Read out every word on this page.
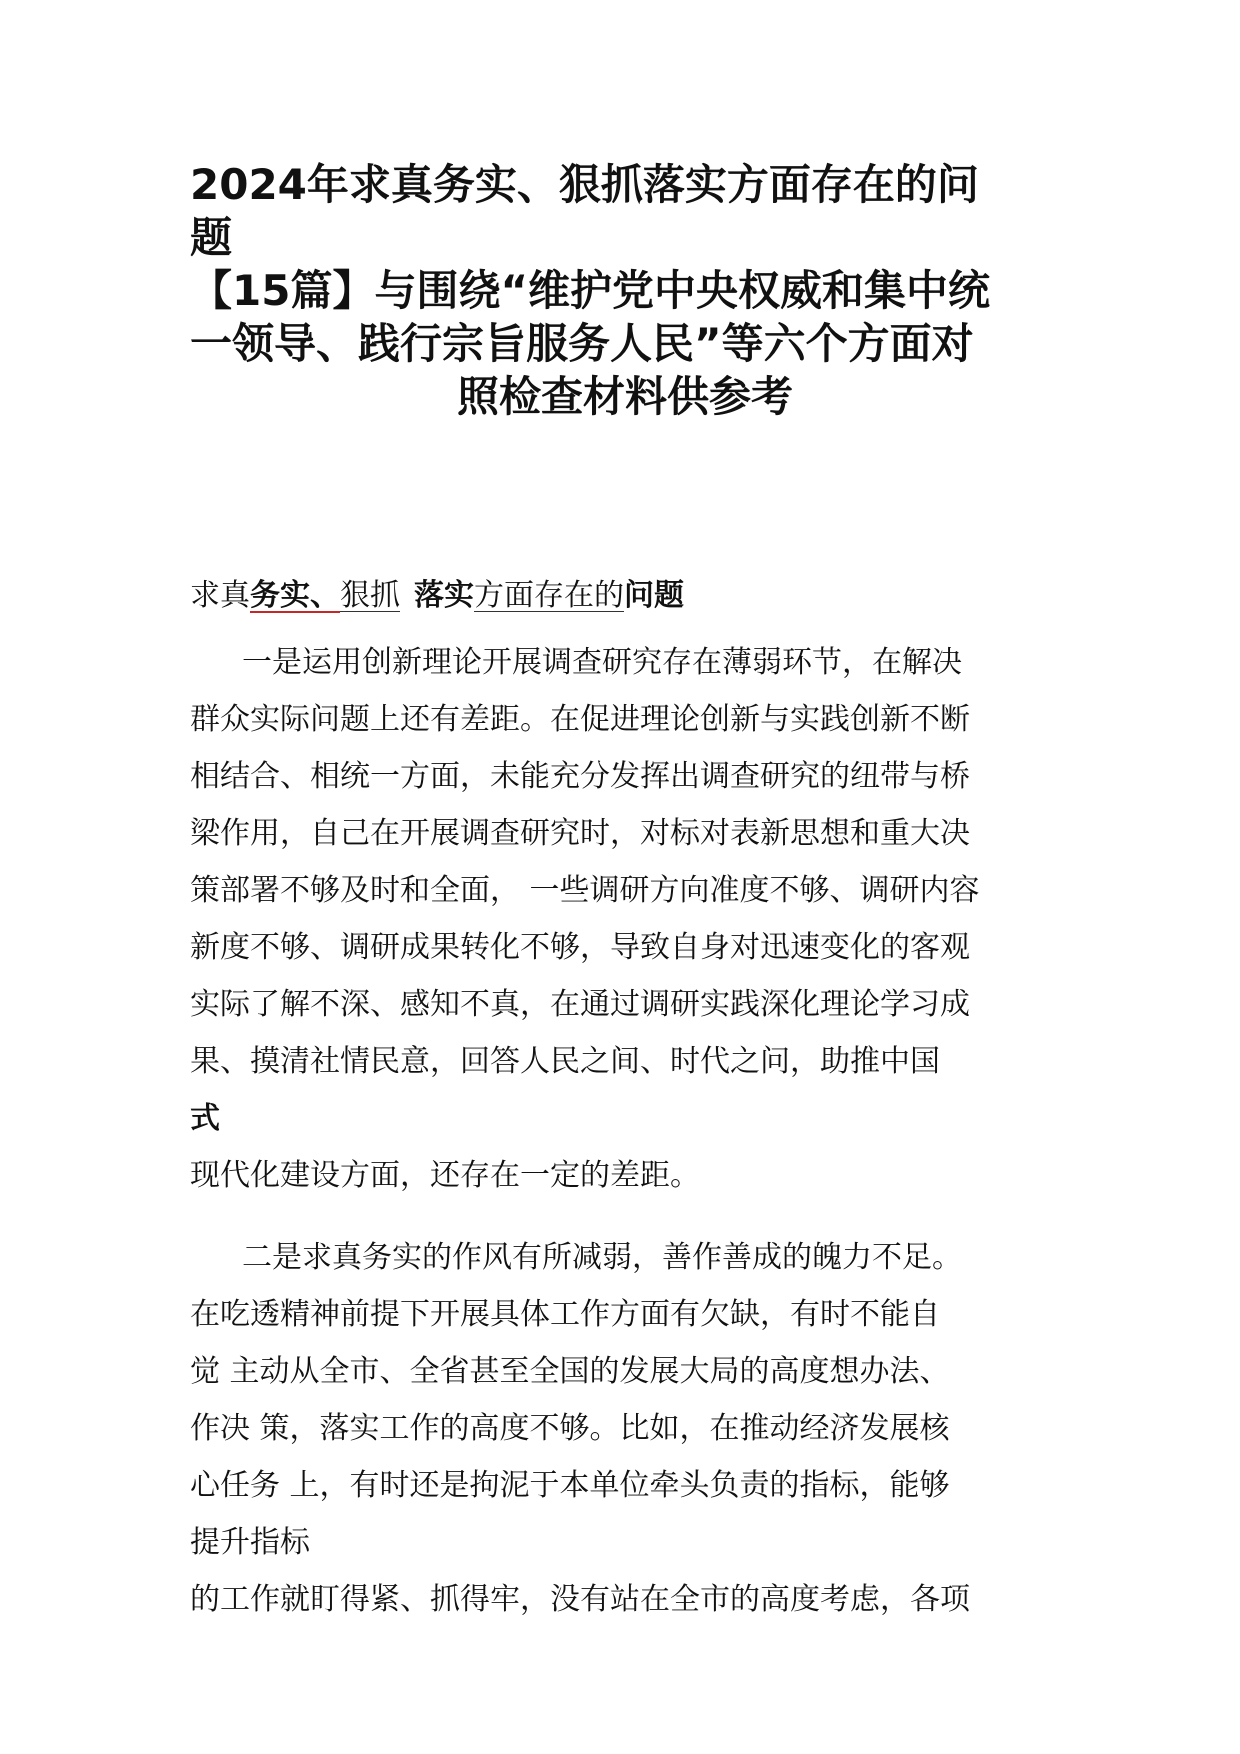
2024年求真务实、狠抓落实方面存在的问
题
【15篇】与围绕“维护党中央权威和集中统
一领导、践行宗旨服务人民”等六个方面对
照检查材料供参考
求真务实、狠抓 落实方面存在的问题
一是运用创新理论开展调查研究存在薄弱环节，在解决
群众实际问题上还有差距。在促进理论创新与实践创新不断
相结合、相统一方面，未能充分发挥出调查研究的纽带与桥
梁作用，自己在开展调查研究时，对标对表新思想和重大决
策部署不够及时和全面， 一些调研方向准度不够、调研内容
新度不够、调研成果转化不够，导致自身对迅速变化的客观
实际了解不深、感知不真，在通过调研实践深化理论学习成
果、摸清社情民意，回答人民之间、时代之问，助推中国
式
现代化建设方面，还存在一定的差距。
二是求真务实的作风有所减弱，善作善成的魄力不足。
在吃透精神前提下开展具体工作方面有欠缺，有时不能自
觉 主动从全市、全省甚至全国的发展大局的高度想办法、
作决 策，落实工作的高度不够。比如，在推动经济发展核
心任务 上，有时还是拘泥于本单位牵头负责的指标，能够
提升指标
的工作就盯得紧、抓得牢，没有站在全市的高度考虑，各项
